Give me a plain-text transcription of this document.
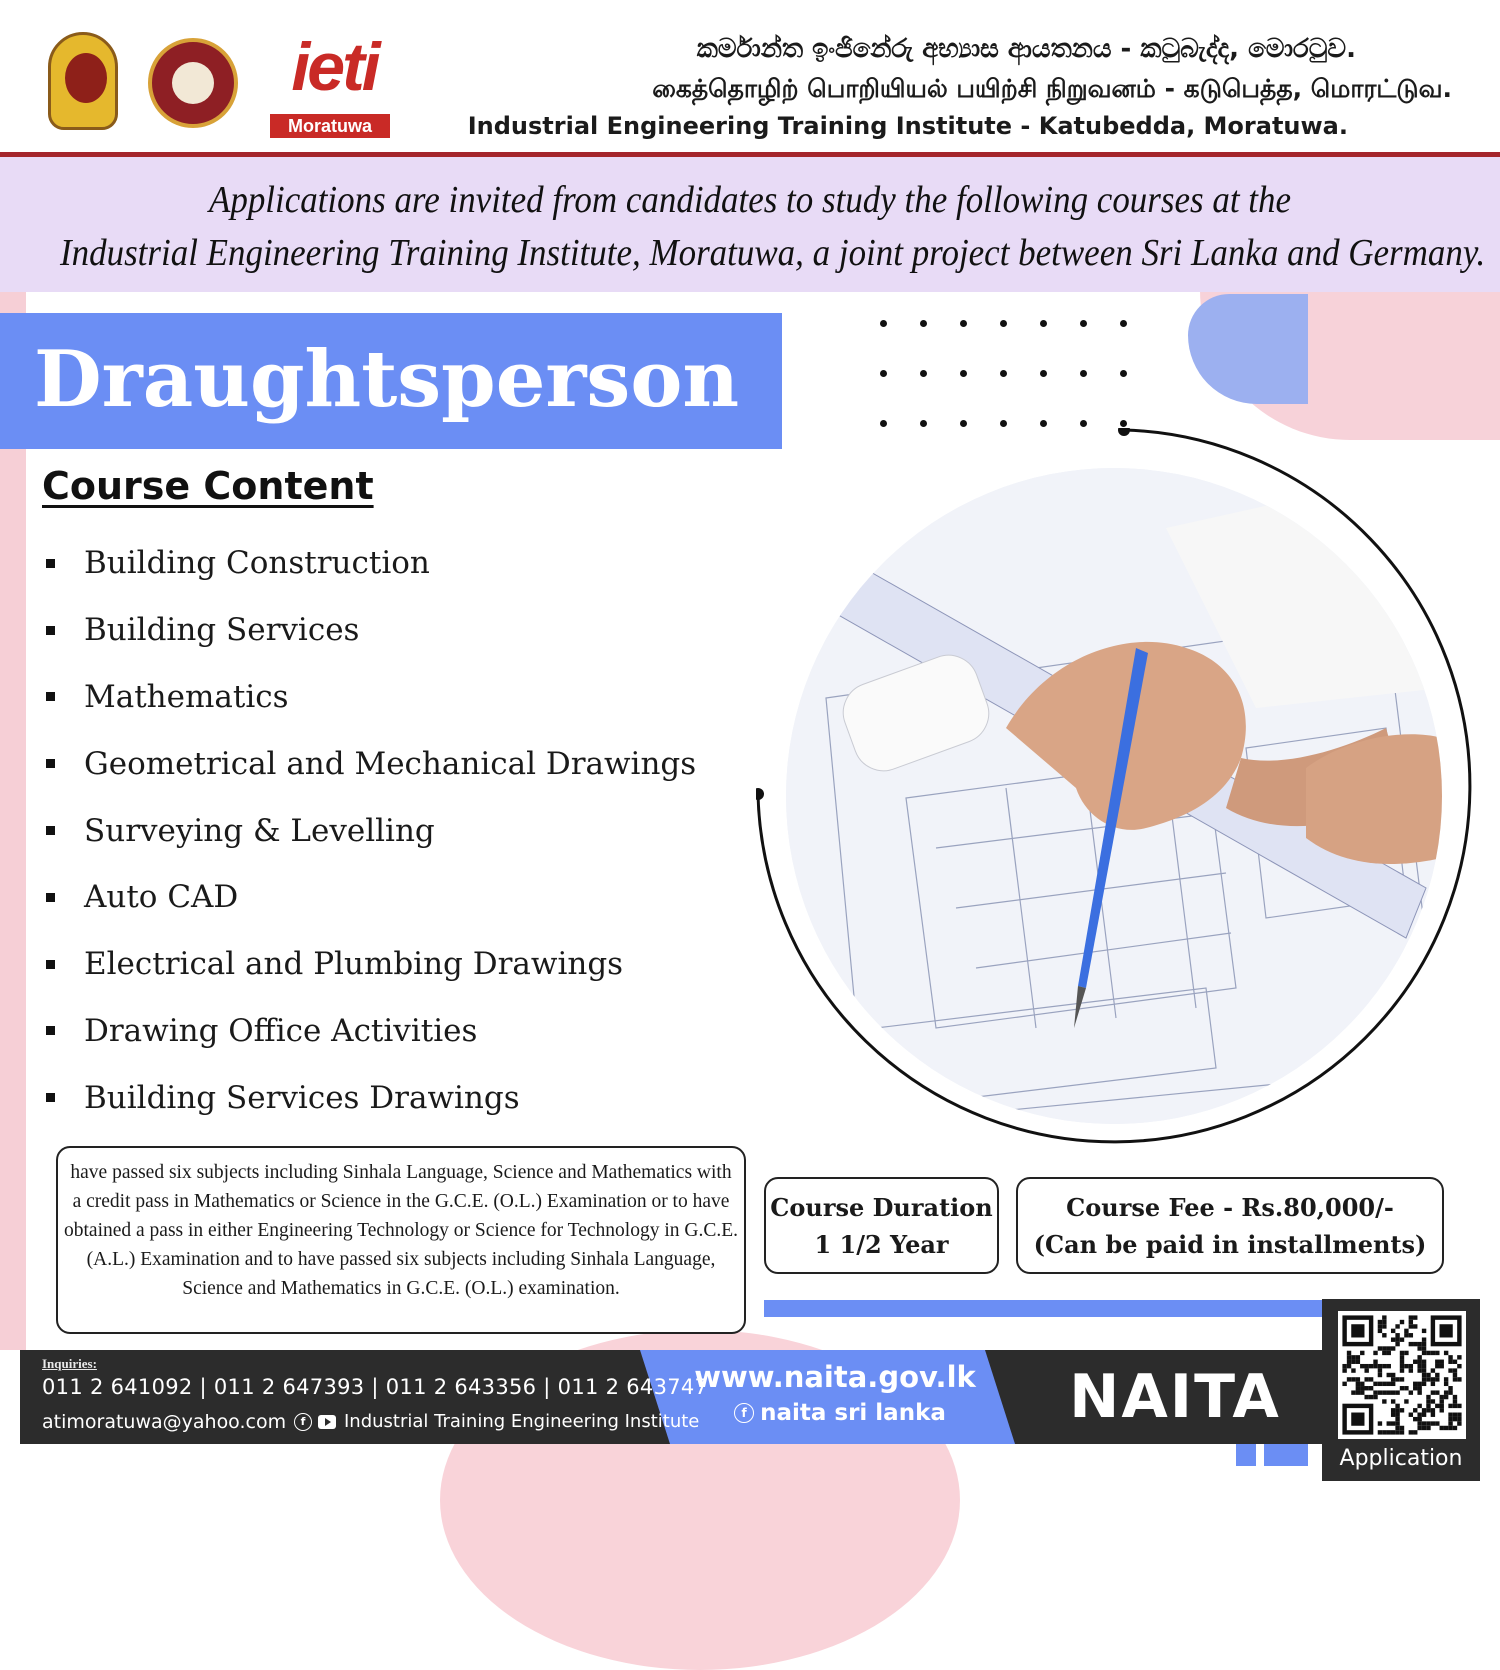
ieti
Moratuwa
කර්මාන්ත ඉංජිනේරු අභ්‍යාස ආයතනය - කටුබැද්ද, මොරටුව.
கைத்தொழிற் பொறியியல் பயிற்சி நிறுவனம் - கடுபெத்த, மொரட்டுவ.
Industrial Engineering Training Institute - Katubedda, Moratuwa.
Applications are invited from candidates to study the following courses at the
Industrial Engineering Training Institute, Moratuwa, a joint project between Sri Lanka and Germany.
Draughtsperson
Course Content
Building Construction
Building Services
Mathematics
Geometrical and Mechanical Drawings
Surveying & Levelling
Auto CAD
Electrical and Plumbing Drawings
Drawing Office Activities
Building Services Drawings
have passed six subjects including Sinhala Language, Science and Mathematics with a credit pass in Mathematics or Science in the G.C.E. (O.L.) Examination or to have obtained a pass in either Engineering Technology or Science for Technology in G.C.E. (A.L.) Examination and to have passed six subjects including Sinhala Language, Science and Mathematics in G.C.E. (O.L.) examination.
Course Duration
1 1/2 Year
Course Fee - Rs.80,000/-
(Can be paid in installments)
Inquiries:
011 2 641092 | 011 2 647393 | 011 2 643356 | 011 2 643747
atimoratuwa@yahoo.com	f	Industrial Training Engineering Institute
www.naita.gov.lk
f naita sri lanka	NAITA
Application
